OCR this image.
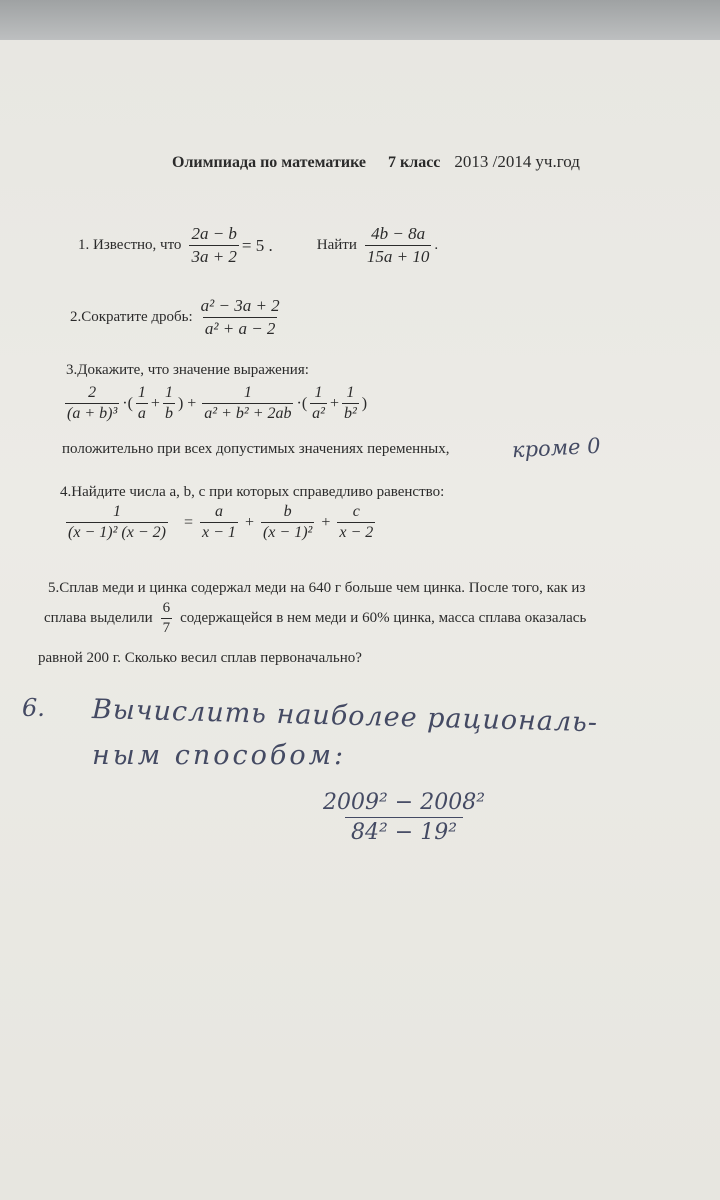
Олимпиада по математике 7 класс 2013 /2014 уч.год
1. Известно, что $\frac{2a - b}{3a + 2} = 5$ .	Найти $\frac{4b - 8a}{15a + 10}$ .
2.Сократите дробь: $\frac{\text{a² − 3a + 2}}{\text{a² + a − 2}}$
3.Докажите, что значение выражения:
$\frac{2}{\text{(a + b)³}}$ ·( $\frac{1}{a} + \frac{1}{b}$ ) + $\frac{1}{\text{a² + b² + 2ab}}$ ·( $\frac{1}{\text{a²}} + \frac{1}{\text{b²}}$ )
положительно при всех допустимых значениях переменных,	кроме 0
4.Найдите числа a, b, c при которых справедливо равенство:
$\frac{1}{\text{(x − 1)² (x − 2)}} = \frac{a}{x - 1} + \frac{b}{\text{(x − 1)²}} + \frac{c}{x - 2}$
5.Сплав меди и цинка содержал меди на 640 г больше чем цинка. После того, как из
сплава выделили $\frac{6}{7}$ содержащейся в нем меди и 60% цинка, масса сплава оказалась
равной 200 г. Сколько весил сплав первоначально?
6. Вычислить наиболее рациональ-
ным способом:
$\frac{\text{2009² − 2008²}}{\text{84² − 19²}}$
